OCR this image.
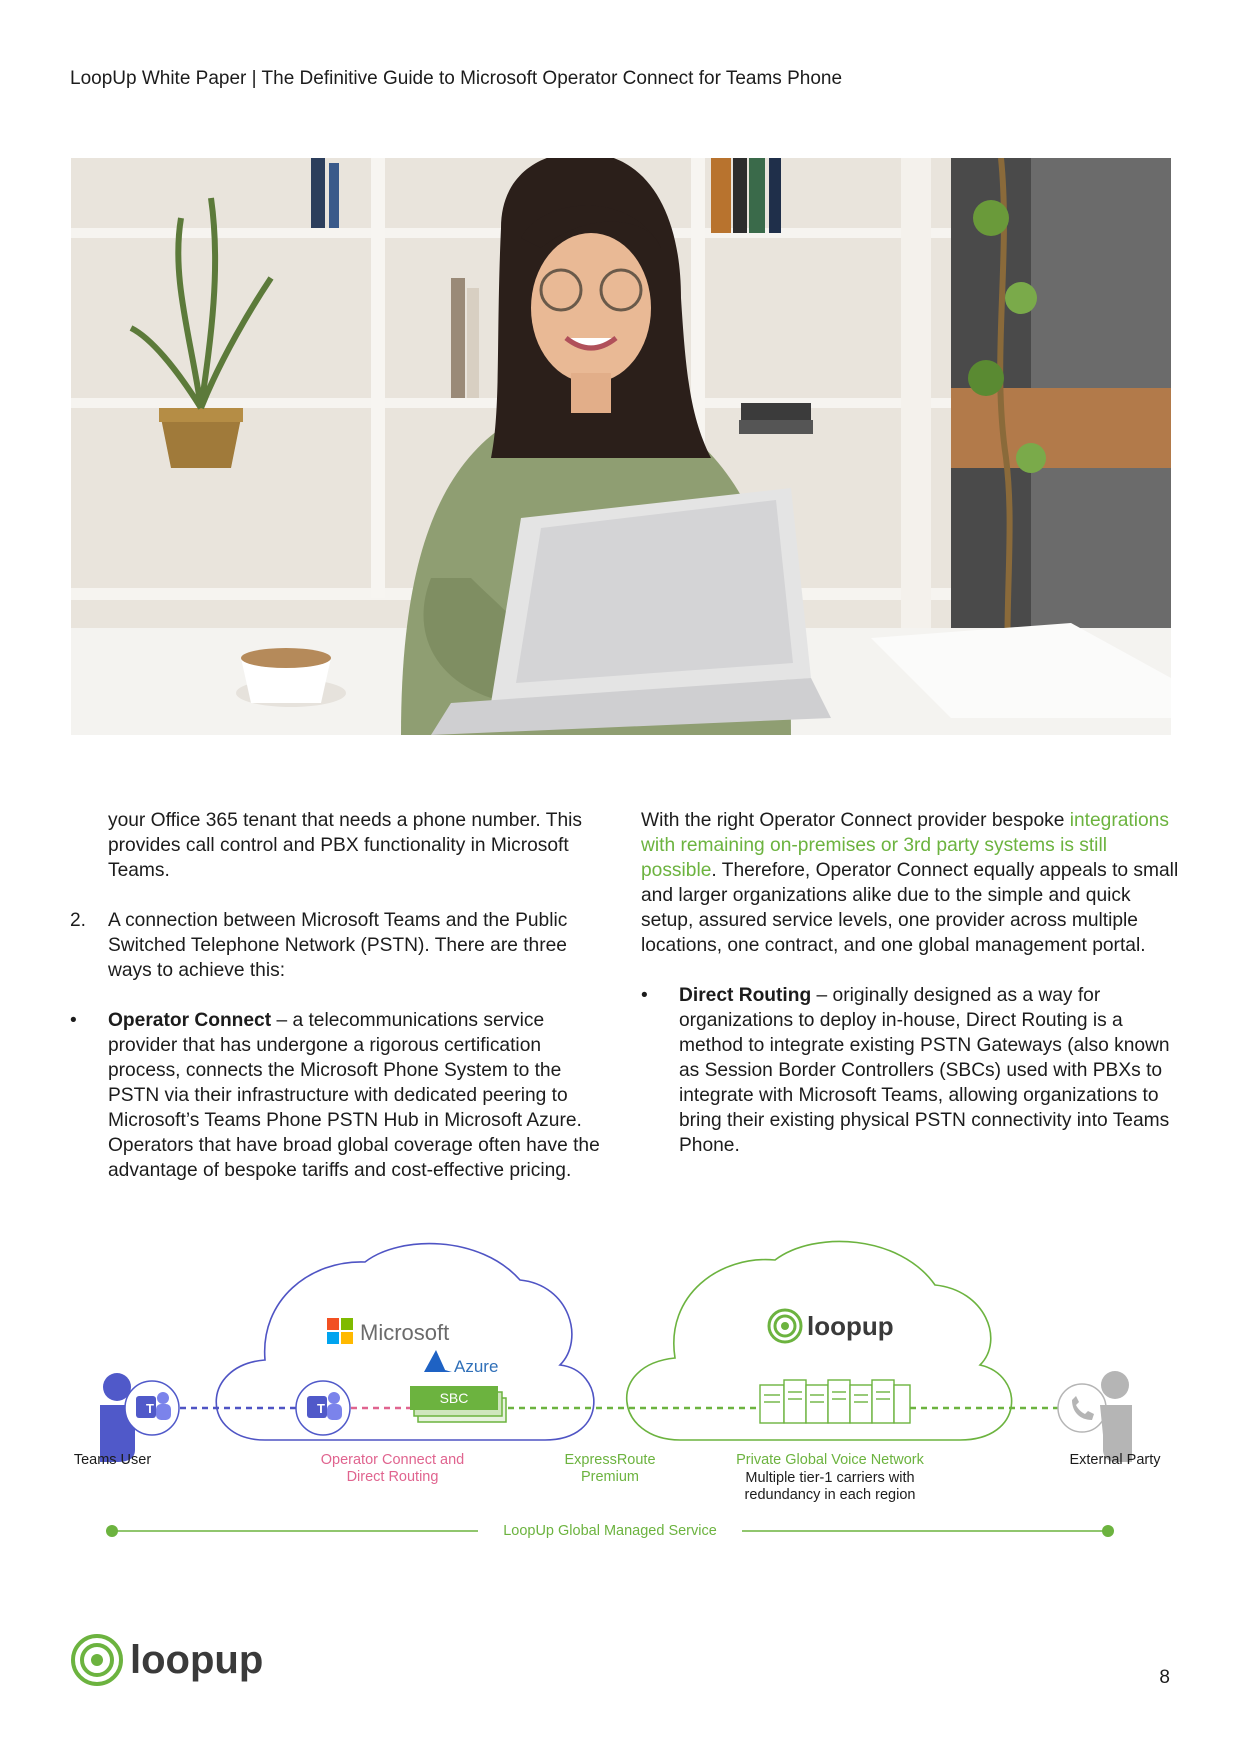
LoopUp White Paper | The Definitive Guide to Microsoft Operator Connect for Teams Phone

your Office 365 tenant that needs a phone number. This provides call control and PBX functionality in Microsoft Teams.

2. A connection between Microsoft Teams and the Public Switched Telephone Network (PSTN). There are three ways to achieve this:
• Operator Connect – a telecommunications service provider that has undergone a rigorous certification process, connects the Microsoft Phone System to the PSTN via their infrastructure with dedicated peering to Microsoft’s Teams Phone PSTN Hub in Microsoft Azure. Operators that have broad global coverage often have the advantage of bespoke tariffs and cost-effective pricing.

With the right Operator Connect provider bespoke integrations with remaining on-premises or 3rd party systems is still possible. Therefore, Operator Connect equally appeals to small and larger organizations alike due to the simple and quick setup, assured service levels, one provider across multiple locations, one contract, and one global management portal.

• Direct Routing – originally designed as a way for organizations to deploy in-house, Direct Routing is a method to integrate existing PSTN Gateways (also known as Session Border Controllers (SBCs) used with PBXs to integrate with Microsoft Teams, allowing organizations to bring their existing physical PSTN connectivity into Teams Phone.
T	T
Microsoft
Azure
SBC
loopup
Teams User	Operator Connect and
Direct Routing
ExpressRoute
Premium
Private Global Voice Network
Multiple tier-1 carriers with
redundancy in each region
External Party
LoopUp Global Managed Service
loopup	8
